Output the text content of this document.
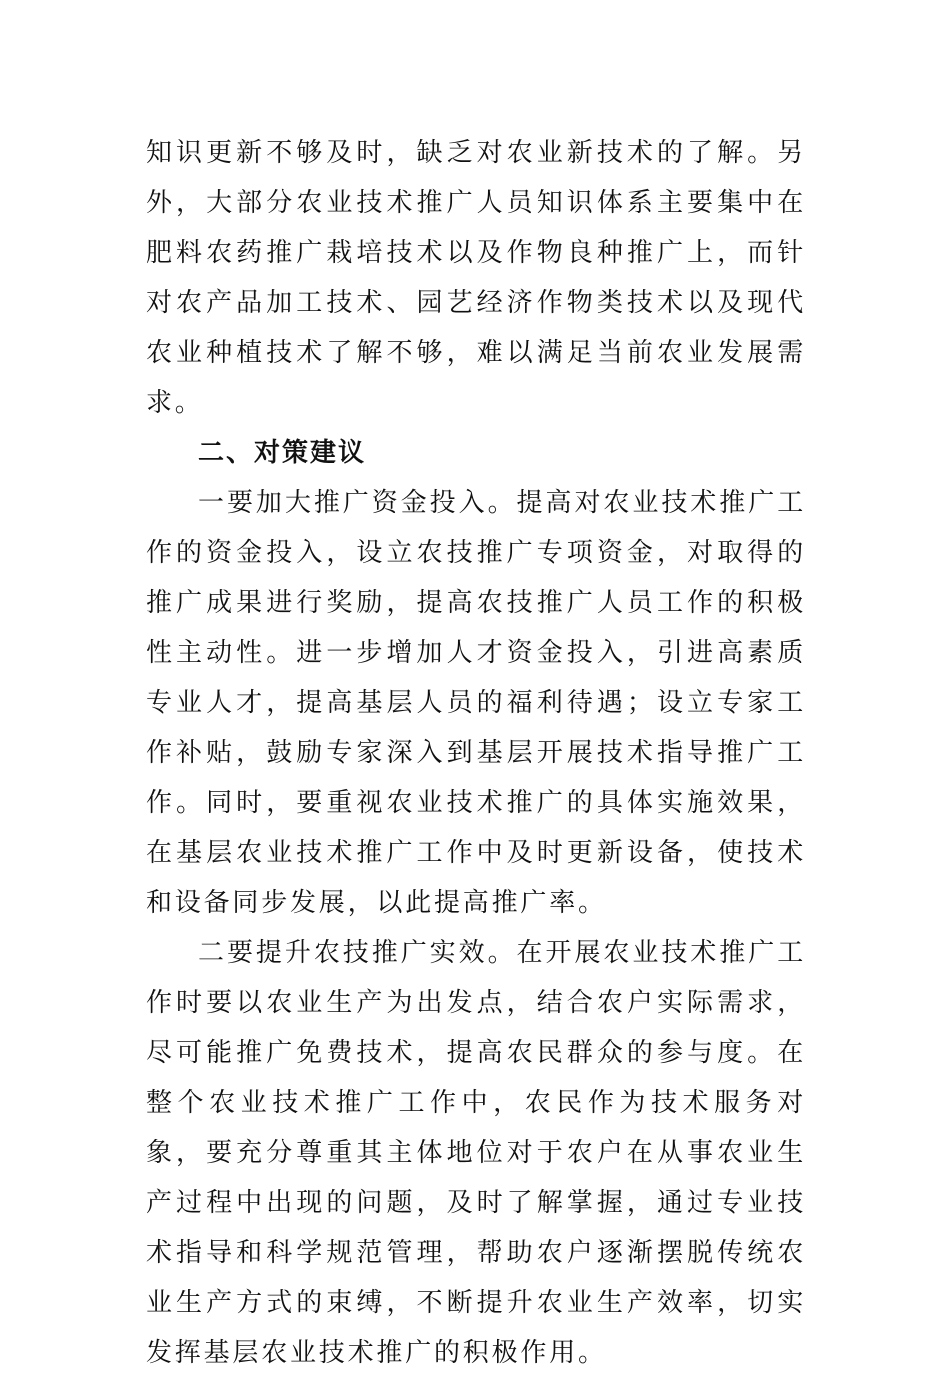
知识更新不够及时，缺乏对农业新技术的了解。另外，大部分农业技术推广人员知识体系主要集中在肥料农药推广栽培技术以及作物良种推广上，而针对农产品加工技术、园艺经济作物类技术以及现代农业种植技术了解不够，难以满足当前农业发展需求。

二、对策建议

一要加大推广资金投入。提高对农业技术推广工作的资金投入，设立农技推广专项资金，对取得的推广成果进行奖励，提高农技推广人员工作的积极性主动性。进一步增加人才资金投入，引进高素质专业人才，提高基层人员的福利待遇；设立专家工作补贴，鼓励专家深入到基层开展技术指导推广工作。同时，要重视农业技术推广的具体实施效果，在基层农业技术推广工作中及时更新设备，使技术和设备同步发展，以此提高推广率。

二要提升农技推广实效。在开展农业技术推广工作时要以农业生产为出发点，结合农户实际需求，尽可能推广免费技术，提高农民群众的参与度。在整个农业技术推广工作中，农民作为技术服务对象，要充分尊重其主体地位对于农户在从事农业生产过程中出现的问题，及时了解掌握，通过专业技术指导和科学规范管理，帮助农户逐渐摆脱传统农业生产方式的束缚，不断提升农业生产效率，切实发挥基层农业技术推广的积极作用。
